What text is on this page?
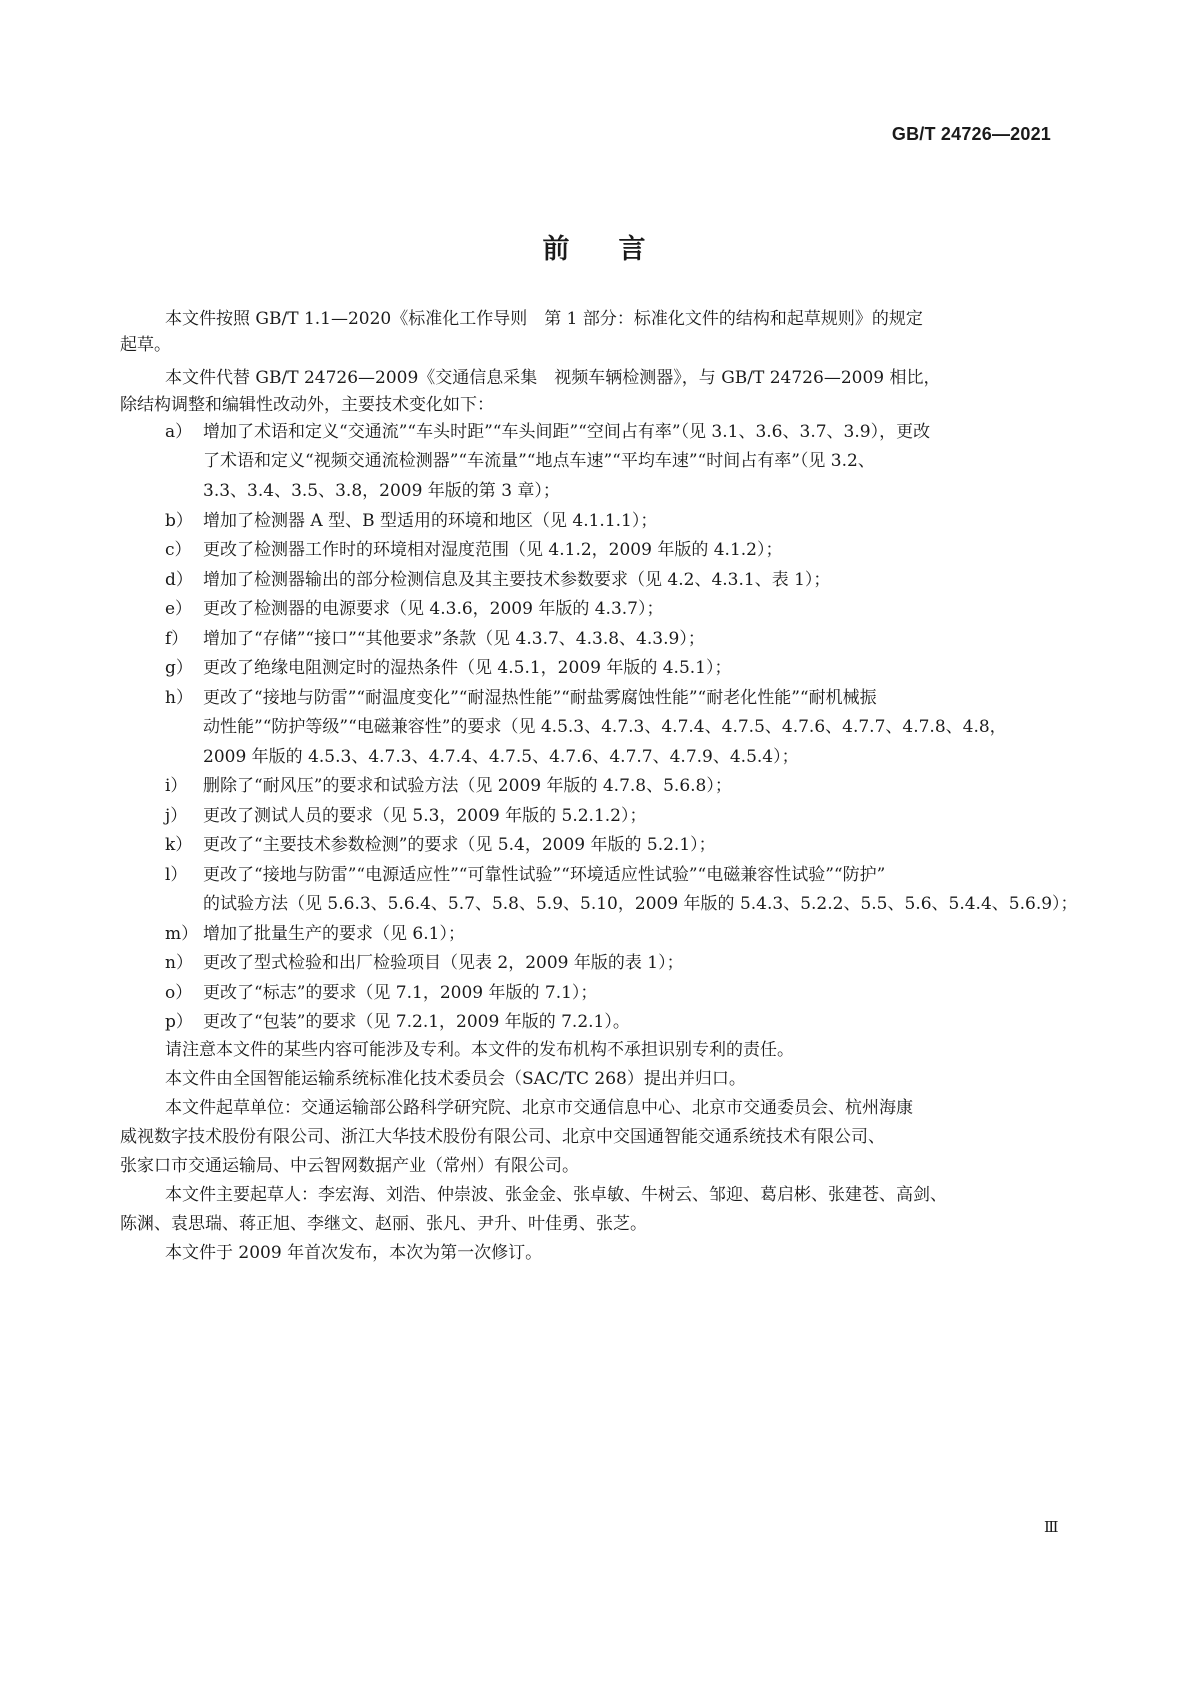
GB/T 24726—2021
前 言
本文件按照 GB/T 1.1—2020《标准化工作导则　第 1 部分：标准化文件的结构和起草规则》的规定
起草。
本文件代替 GB/T 24726—2009《交通信息采集　视频车辆检测器》，与 GB/T 24726—2009 相比，
除结构调整和编辑性改动外，主要技术变化如下：
a） 增加了术语和定义“交通流”“车头时距”“车头间距”“空间占有率”（见 3.1、3.6、3.7、3.9），更改
了术语和定义“视频交通流检测器”“车流量”“地点车速”“平均车速”“时间占有率”（见 3.2、
3.3、3.4、3.5、3.8，2009 年版的第 3 章）；
b） 增加了检测器 A 型、B 型适用的环境和地区（见 4.1.1.1）；
c） 更改了检测器工作时的环境相对湿度范围（见 4.1.2，2009 年版的 4.1.2）；
d） 增加了检测器输出的部分检测信息及其主要技术参数要求（见 4.2、4.3.1、表 1）；
e） 更改了检测器的电源要求（见 4.3.6，2009 年版的 4.3.7）；
f） 增加了“存储”“接口”“其他要求”条款（见 4.3.7、4.3.8、4.3.9）；
g） 更改了绝缘电阻测定时的湿热条件（见 4.5.1，2009 年版的 4.5.1）；
h） 更改了“接地与防雷”“耐温度变化”“耐湿热性能”“耐盐雾腐蚀性能”“耐老化性能”“耐机械振
动性能”“防护等级”“电磁兼容性”的要求（见 4.5.3、4.7.3、4.7.4、4.7.5、4.7.6、4.7.7、4.7.8、4.8，
2009 年版的 4.5.3、4.7.3、4.7.4、4.7.5、4.7.6、4.7.7、4.7.9、4.5.4）；
i） 删除了“耐风压”的要求和试验方法（见 2009 年版的 4.7.8、5.6.8）；
j） 更改了测试人员的要求（见 5.3，2009 年版的 5.2.1.2）；
k） 更改了“主要技术参数检测”的要求（见 5.4，2009 年版的 5.2.1）；
l） 更改了“接地与防雷”“电源适应性”“可靠性试验”“环境适应性试验”“电磁兼容性试验”“防护”
的试验方法（见 5.6.3、5.6.4、5.7、5.8、5.9、5.10，2009 年版的 5.4.3、5.2.2、5.5、5.6、5.4.4、5.6.9）；
m） 增加了批量生产的要求（见 6.1）；
n） 更改了型式检验和出厂检验项目（见表 2，2009 年版的表 1）；
o） 更改了“标志”的要求（见 7.1，2009 年版的 7.1）；
p） 更改了“包装”的要求（见 7.2.1，2009 年版的 7.2.1）。
请注意本文件的某些内容可能涉及专利。本文件的发布机构不承担识别专利的责任。
本文件由全国智能运输系统标准化技术委员会（SAC/TC 268）提出并归口。
本文件起草单位：交通运输部公路科学研究院、北京市交通信息中心、北京市交通委员会、杭州海康
威视数字技术股份有限公司、浙江大华技术股份有限公司、北京中交国通智能交通系统技术有限公司、
张家口市交通运输局、中云智网数据产业（常州）有限公司。
本文件主要起草人：李宏海、刘浩、仲崇波、张金金、张卓敏、牛树云、邹迎、葛启彬、张建苍、高剑、
陈渊、袁思瑞、蒋正旭、李继文、赵丽、张凡、尹升、叶佳勇、张芝。
本文件于 2009 年首次发布，本次为第一次修订。
Ⅲ
